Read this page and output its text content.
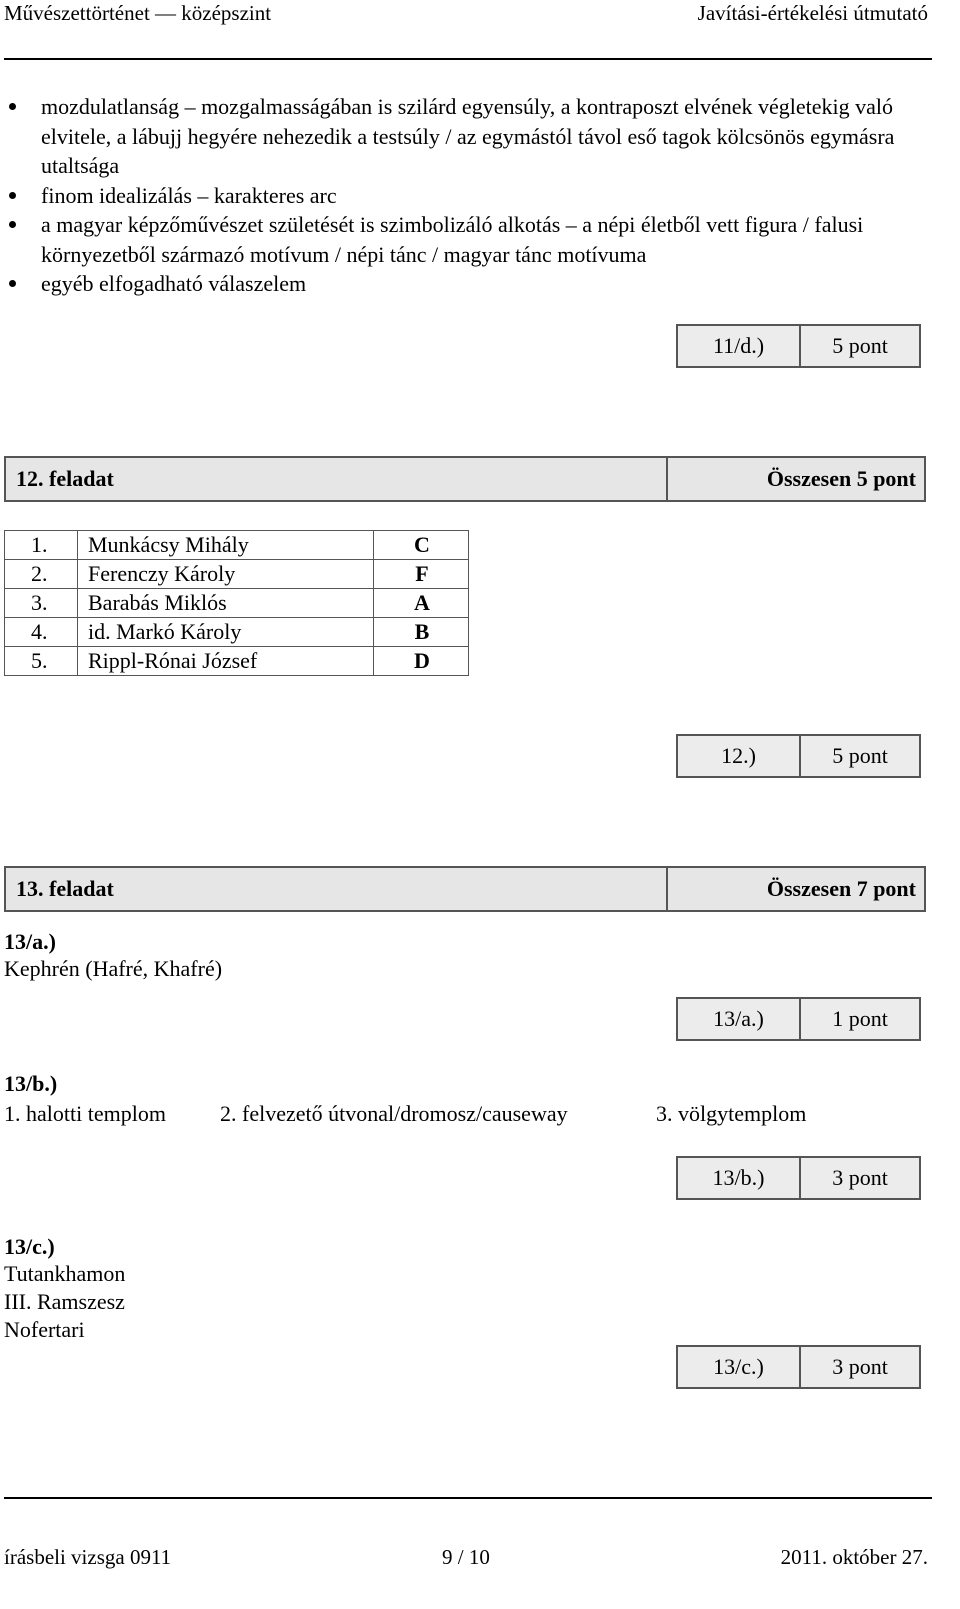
Művészettörténet — középszint	Javítási-értékelési útmutató
mozdulatlanság – mozgalmasságában is szilárd egyensúly, a kontraposzt elvének végletekig való elvitele, a lábujj hegyére nehezedik a testsúly / az egymástól távol eső tagok kölcsönös egymásra utaltsága
finom idealizálás – karakteres arc
a magyar képzőművészet születését is szimbolizáló alkotás – a népi életből vett figura / falusi környezetből származó motívum / népi tánc / magyar tánc motívuma
egyéb elfogadható válaszelem
11/d.)	5 pont
12. feladat	Összesen 5 pont
1.	Munkácsy Mihály	C
2.	Ferenczy Károly	F
3.	Barabás Miklós	A
4.	id. Markó Károly	B
5.	Rippl-Rónai József	D
12.)	5 pont
13. feladat	Összesen 7 pont
13/a.)
Kephrén (Hafré, Khafré)
13/a.)	1 pont
13/b.)
1. halotti templom 2. felvezető útvonal/dromosz/causeway	3. völgytemplom
13/b.)	3 pont
13/c.)
Tutankhamon
III. Ramszesz
Nofertari
13/c.)	3 pont
írásbeli vizsga 0911	9 / 10	2011. október 27.
